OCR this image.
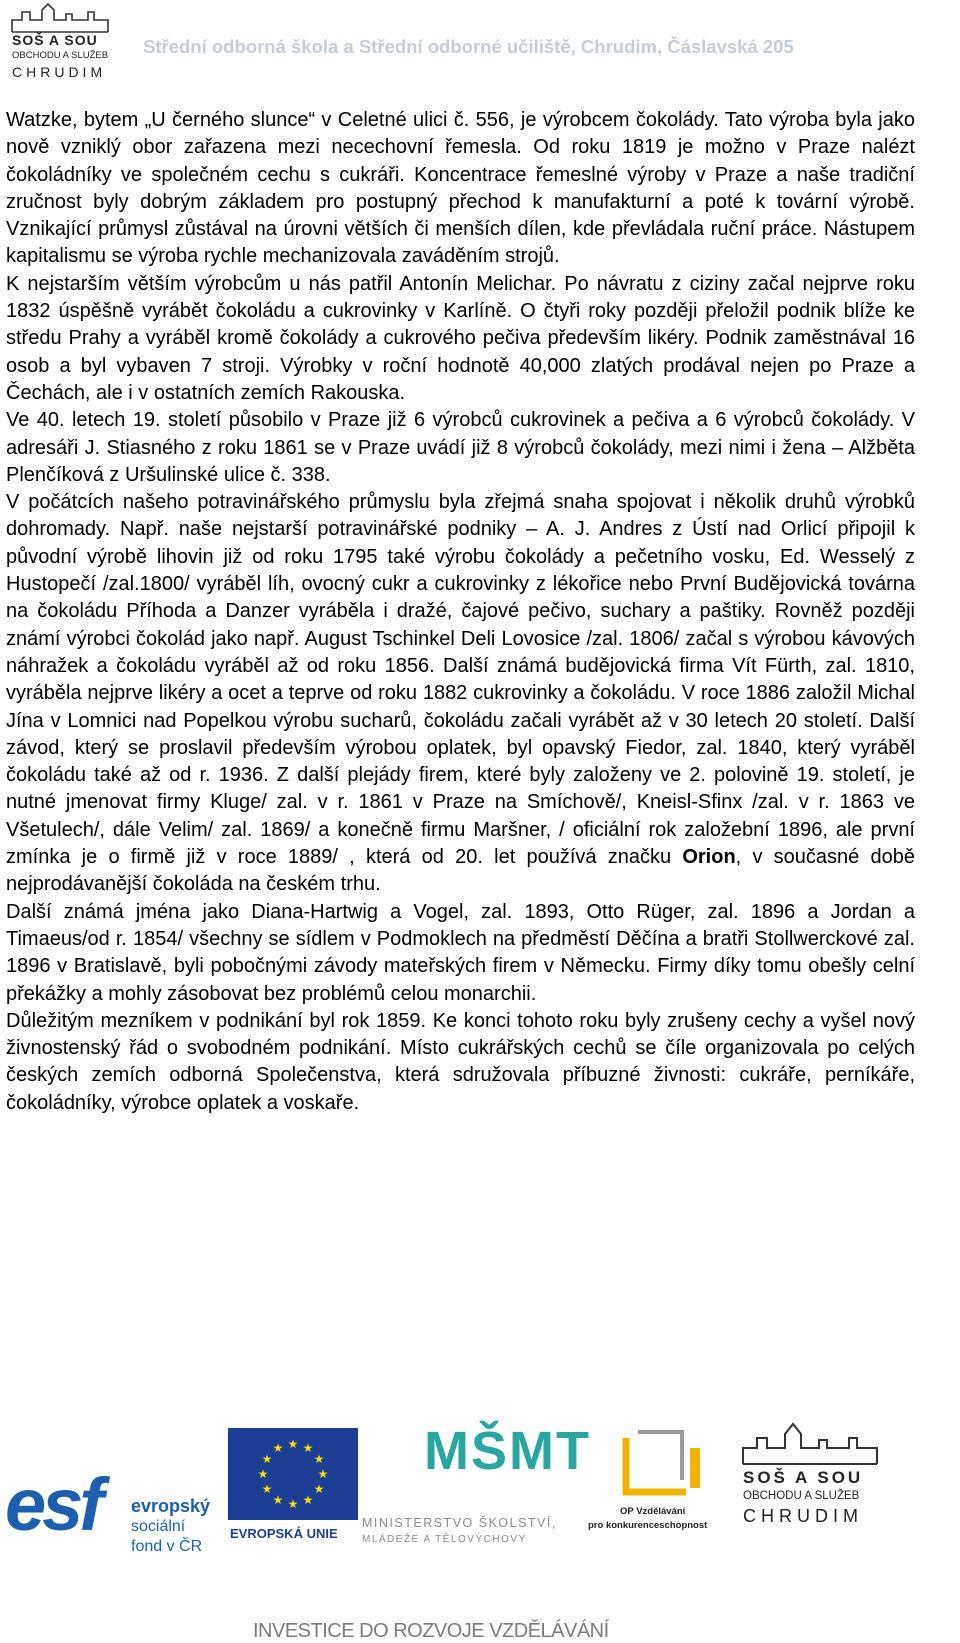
SOŠ A SOU
OBCHODU A SLUŽEB
CHRUDIM
Střední odborná škola a Střední odborné učiliště, Chrudim, Čáslavská 205

Watzke, bytem „U černého slunce“ v Celetné ulici č. 556, je výrobcem čokolády. Tato výroba byla jako nově vzniklý obor zařazena mezi necechovní řemesla. Od roku 1819 je možno v Praze nalézt čokoládníky ve společném cechu s cukráři. Koncentrace řemeslné výroby v Praze a naše tradiční zručnost byly dobrým základem pro postupný přechod k manufakturní a poté k tovární výrobě. Vznikající průmysl zůstával na úrovni větších či menších dílen, kde převládala ruční práce. Nástupem kapitalismu se výroba rychle mechanizovala zaváděním strojů.

K nejstarším větším výrobcům u nás patřil Antonín Melichar. Po návratu z ciziny začal nejprve roku 1832 úspěšně vyrábět čokoládu a cukrovinky v Karlíně. O čtyři roky později přeložil podnik blíže ke středu Prahy a vyráběl kromě čokolády a cukrového pečiva především likéry. Podnik zaměstnával 16 osob a byl vybaven 7 stroji. Výrobky v roční hodnotě 40,000 zlatých prodával nejen po Praze a Čechách, ale i v ostatních zemích Rakouska.

Ve 40. letech 19. století působilo v Praze již 6 výrobců cukrovinek a pečiva a 6 výrobců čokolády. V adresáři J. Stiasného z roku 1861 se v Praze uvádí již 8 výrobců čokolády, mezi nimi i žena – Alžběta Plenčíková z Uršulinské ulice č. 338.

V počátcích našeho potravinářského průmyslu byla zřejmá snaha spojovat i několik druhů výrobků dohromady. Např. naše nejstarší potravinářské podniky – A. J. Andres z Ústí nad Orlicí připojil k původní výrobě lihovin již od roku 1795 také výrobu čokolády a pečetního vosku, Ed. Wesselý z Hustopečí /zal.1800/ vyráběl líh, ovocný cukr a cukrovinky z lékořice nebo První Budějovická továrna na čokoládu Příhoda a Danzer vyráběla i dražé, čajové pečivo, suchary a paštiky. Rovněž později známí výrobci čokolád jako např. August Tschinkel Deli Lovosice /zal. 1806/ začal s výrobou kávových náhražek a čokoládu vyráběl až od roku 1856. Další známá budějovická firma Vít Fürth, zal. 1810, vyráběla nejprve likéry a ocet a teprve od roku 1882 cukrovinky a čokoládu. V roce 1886 založil Michal Jína v Lomnici nad Popelkou výrobu sucharů, čokoládu začali vyrábět až v 30 letech 20 století. Další závod, který se proslavil především výrobou oplatek, byl opavský Fiedor, zal. 1840, který vyráběl čokoládu také až od r. 1936. Z další plejády firem, které byly založeny ve 2. polovině 19. století, je nutné jmenovat firmy Kluge/ zal. v r. 1861 v Praze na Smíchově/, Kneisl-Sfinx /zal. v r. 1863 ve Všetulech/, dále Velim/ zal. 1869/ a konečně firmu Maršner, / oficiální rok založební 1896, ale první zmínka je o firmě již v roce 1889/ , která od 20. let používá značku Orion, v současné době nejprodávanější čokoláda na českém trhu.

Další známá jména jako Diana-Hartwig a Vogel, zal. 1893, Otto Rüger, zal. 1896 a Jordan a Timaeus/od r. 1854/ všechny se sídlem v Podmoklech na předměstí Děčína a bratři Stollwerckové zal. 1896 v Bratislavě, byli pobočnými závody mateřských firem v Německu. Firmy díky tomu obešly celní překážky a mohly zásobovat bez problémů celou monarchii.

Důležitým mezníkem v podnikání byl rok 1859. Ke konci tohoto roku byly zrušeny cechy a vyšel nový živnostenský řád o svobodném podnikání. Místo cukrářských cechů se číle organizovala po celých českých zemích odborná Společenstva, která sdružovala příbuzné živnosti: cukráře, perníkáře, čokoládníky, výrobce oplatek a voskaře.

esf evropský
sociální
fond v ČR
★
★
★
★
★
★
★
★
★ ★ ★
★
EVROPSKÁ UNIE
MŠMT
MINISTERSTVO ŠKOLSTVÍ,
MLÁDEŽE A TĚLOVÝCHOVY
OP Vzdělávání
pro konkurenceschopnost
SOŠ A SOU
OBCHODU A SLUŽEB
CHRUDIM
INVESTICE DO ROZVOJE VZDĚLÁVÁNÍ
